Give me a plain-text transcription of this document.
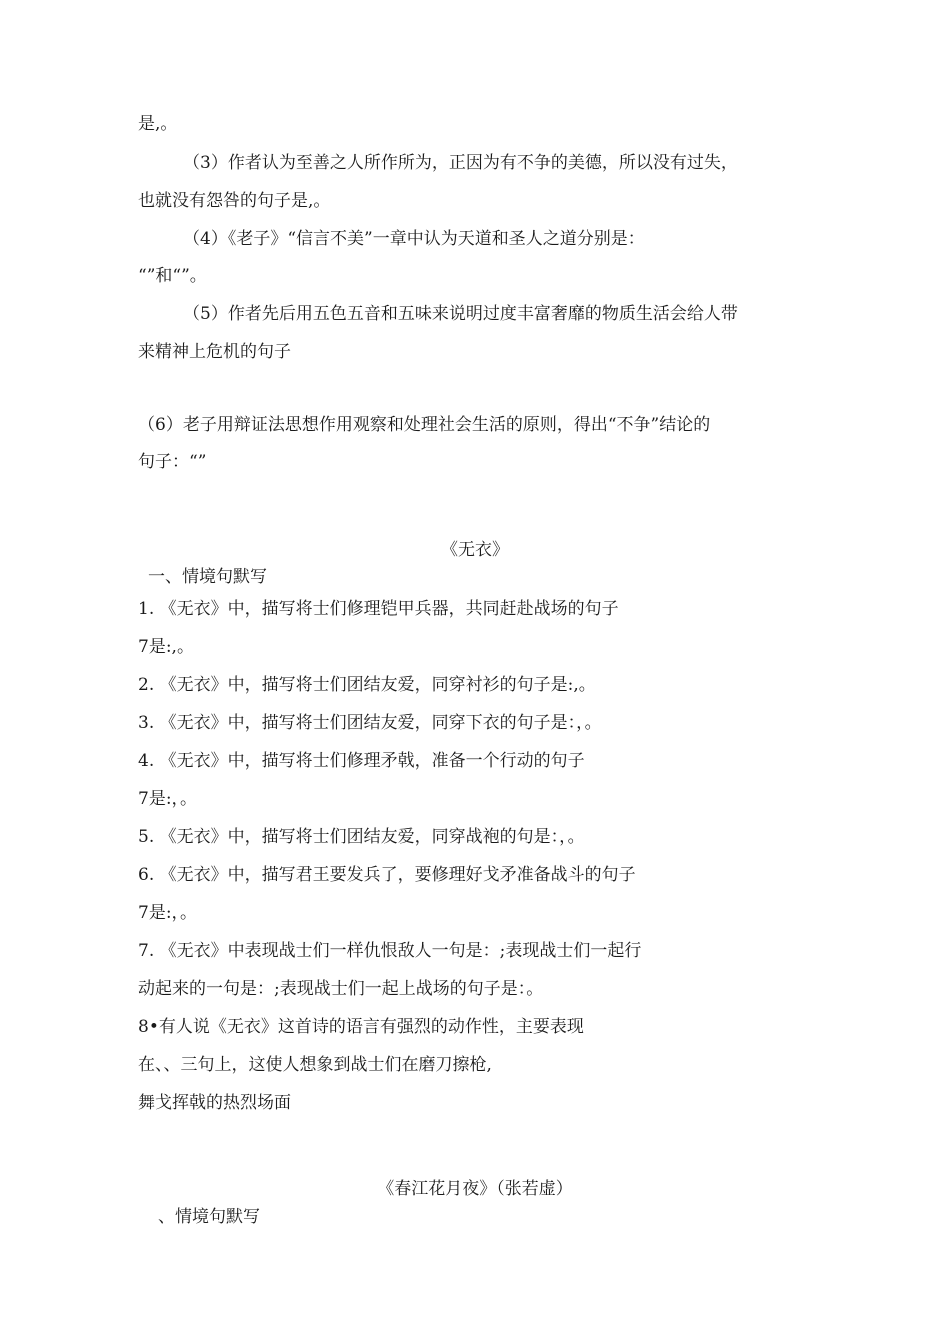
是,。
（3）作者认为至善之人所作所为，正因为有不争的美德，所以没有过失，
也就没有怨咎的句子是,。
（4）《老子》“信言不美”一章中认为天道和圣人之道分别是：
“”和“”。
（5）作者先后用五色五音和五味来说明过度丰富奢靡的物质生活会给人带
来精神上危机的句子
（6）老子用辩证法思想作用观察和处理社会生活的原则，得出“不争”结论的
句子：“”
《无衣》
一、情境句默写
1. 《无衣》中，描写将士们修理铠甲兵器，共同赶赴战场的句子
7是:,。
2. 《无衣》中，描写将士们团结友爱，同穿衬衫的句子是:,。
3. 《无衣》中，描写将士们团结友爱，同穿下衣的句子是：，。
4. 《无衣》中，描写将士们修理矛戟，准备一个行动的句子
7是:，。
5. 《无衣》中，描写将士们团结友爱，同穿战袍的句是：，。
6. 《无衣》中，描写君王要发兵了，要修理好戈矛准备战斗的句子
7是:，。
7. 《无衣》中表现战士们一样仇恨敌人一句是：;表现战士们一起行
动起来的一句是：;表现战士们一起上战场的句子是：。
8•有人说《无衣》这首诗的语言有强烈的动作性，主要表现
在、、三句上，这使人想象到战士们在磨刀擦枪,
舞戈挥戟的热烈场面
《春江花月夜》（张若虚）
、情境句默写
